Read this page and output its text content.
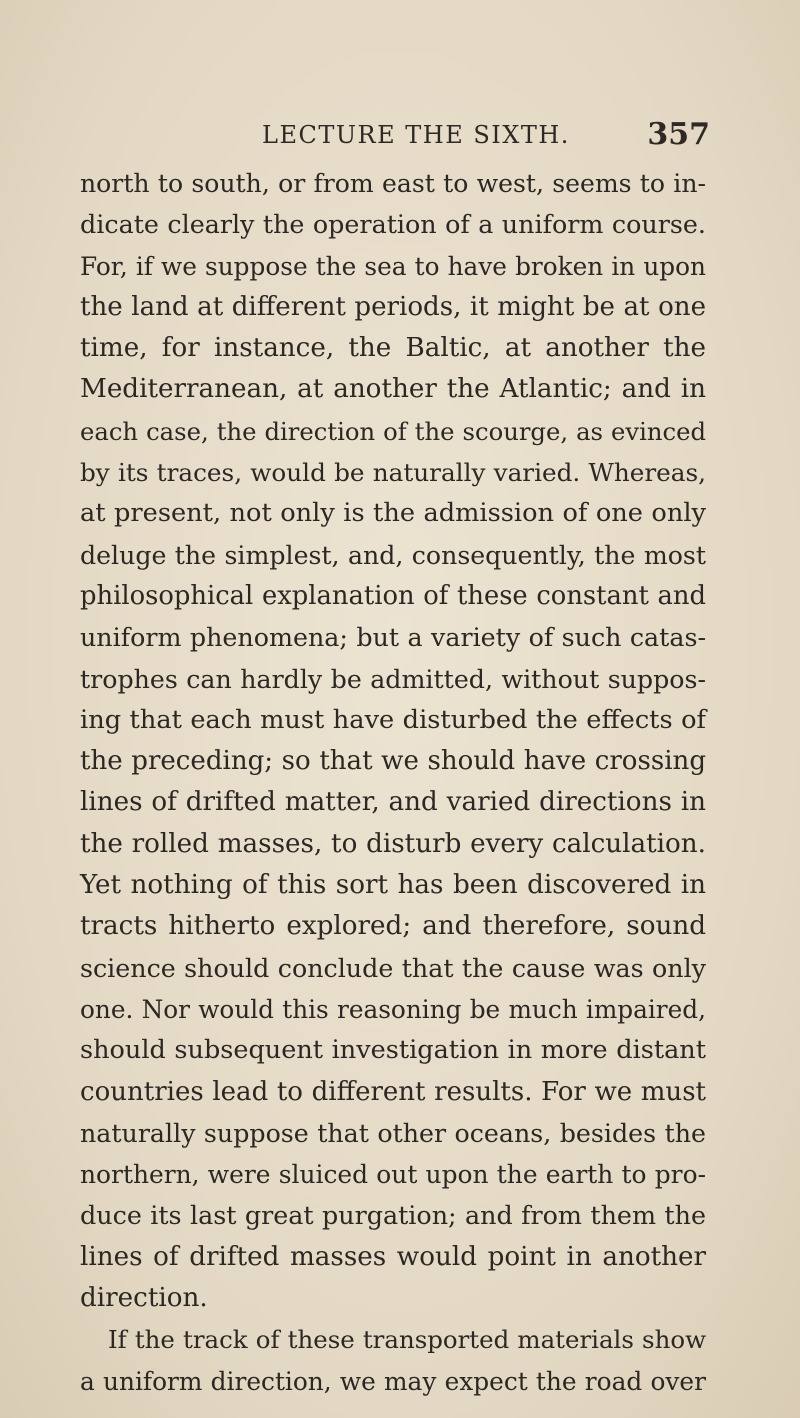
LECTURE THE SIXTH.	357
north to south, or from east to west, seems to in-
dicate clearly the operation of a uniform course.
For, if we suppose the sea to have broken in upon
the land at different periods, it might be at one
time, for instance, the Baltic, at another the
Mediterranean, at another the Atlantic; and in
each case, the direction of the scourge, as evinced
by its traces, would be naturally varied. Whereas,
at present, not only is the admission of one only
deluge the simplest, and, consequently, the most
philosophical explanation of these constant and
uniform phenomena; but a variety of such catas-
trophes can hardly be admitted, without suppos-
ing that each must have disturbed the effects of
the preceding; so that we should have crossing
lines of drifted matter, and varied directions in
the rolled masses, to disturb every calculation.
Yet nothing of this sort has been discovered in
tracts hitherto explored; and therefore, sound
science should conclude that the cause was only
one. Nor would this reasoning be much impaired,
should subsequent investigation in more distant
countries lead to different results. For we must
naturally suppose that other oceans, besides the
northern, were sluiced out upon the earth to pro-
duce its last great purgation; and from them the
lines of drifted masses would point in another
direction.
If the track of these transported materials show
a uniform direction, we may expect the road over
